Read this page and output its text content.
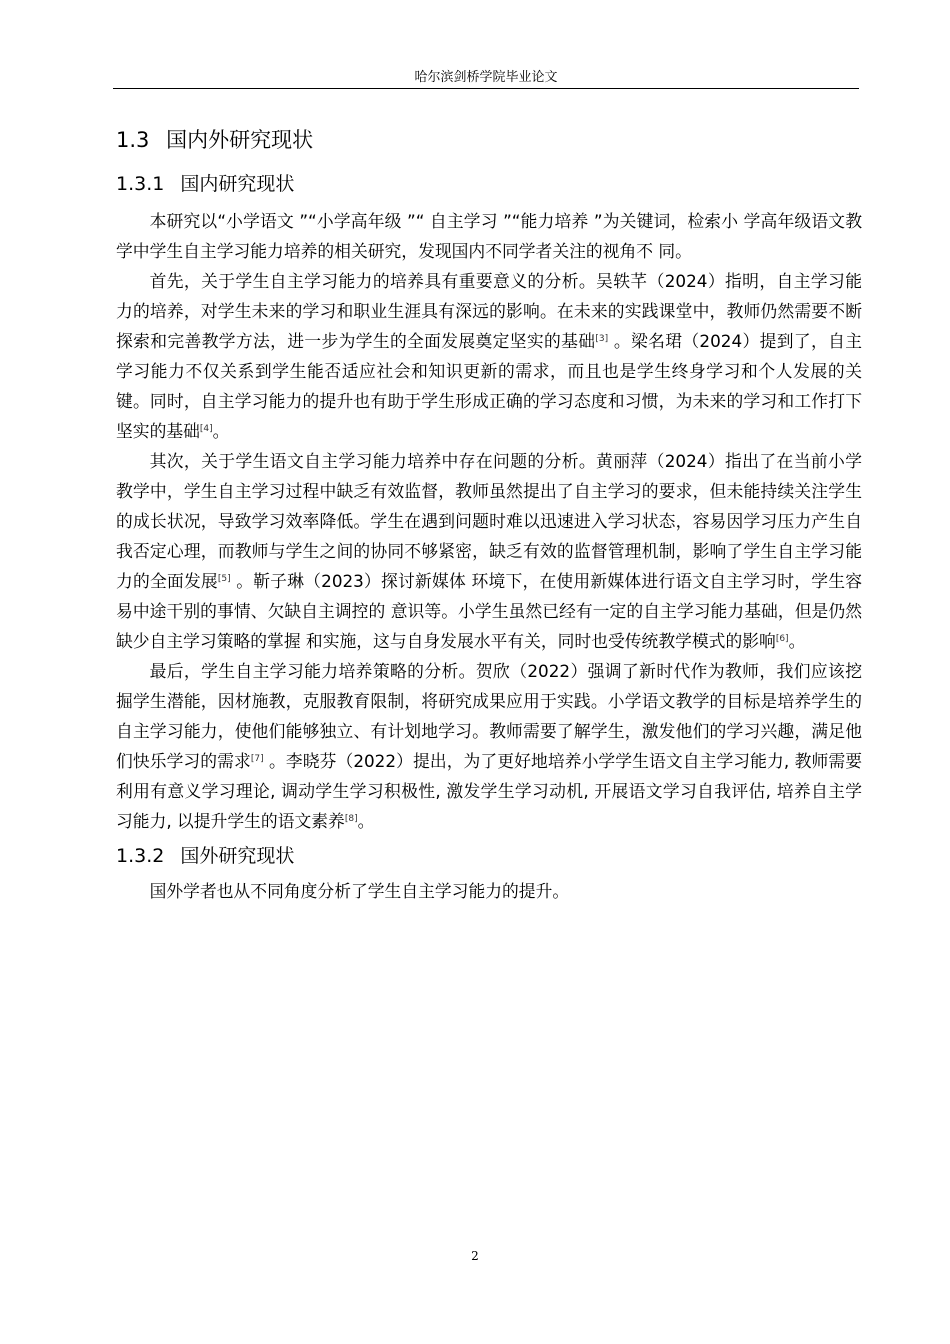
哈尔滨剑桥学院毕业论文
1.3 国内外研究现状
1.3.1 国内研究现状

本研究以“小学语文 ”“小学高年级 ”“ 自主学习 ”“能力培养 ”为关键词，检索小 学高年级语文教学中学生自主学习能力培养的相关研究，发现国内不同学者关注的视角不 同。

首先，关于学生自主学习能力的培养具有重要意义的分析。吴轶芊（2024）指明，自主学习能力的培养，对学生未来的学习和职业生涯具有深远的影响。在未来的实践课堂中，教师仍然需要不断探索和完善教学方法，进一步为学生的全面发展奠定坚实的基础[3] 。梁名珺（2024）提到了，自主学习能力不仅关系到学生能否适应社会和知识更新的需求，而且也是学生终身学习和个人发展的关键。同时，自主学习能力的提升也有助于学生形成正确的学习态度和习惯，为未来的学习和工作打下坚实的基础[4]。

其次，关于学生语文自主学习能力培养中存在问题的分析。黄丽萍（2024）指出了在当前小学教学中，学生自主学习过程中缺乏有效监督，教师虽然提出了自主学习的要求，但未能持续关注学生的成长状况，导致学习效率降低。学生在遇到问题时难以迅速进入学习状态，容易因学习压力产生自我否定心理，而教师与学生之间的协同不够紧密，缺乏有效的监督管理机制，影响了学生自主学习能力的全面发展[5] 。靳子琳（2023）探讨新媒体 环境下，在使用新媒体进行语文自主学习时，学生容易中途干别的事情、欠缺自主调控的 意识等。小学生虽然已经有一定的自主学习能力基础，但是仍然缺少自主学习策略的掌握 和实施，这与自身发展水平有关，同时也受传统教学模式的影响[6]。

最后，学生自主学习能力培养策略的分析。贺欣（2022）强调了新时代作为教师，我们应该挖掘学生潜能，因材施教，克服教育限制，将研究成果应用于实践。小学语文教学的目标是培养学生的自主学习能力，使他们能够独立、有计划地学习。教师需要了解学生，激发他们的学习兴趣，满足他们快乐学习的需求[7] 。李晓芬（2022）提出，为了更好地培养小学学生语文自主学习能力, 教师需要利用有意义学习理论, 调动学生学习积极性, 激发学生学习动机, 开展语文学习自我评估, 培养自主学习能力, 以提升学生的语文素养[8]。

1.3.2 国外研究现状

国外学者也从不同角度分析了学生自主学习能力的提升。

2
